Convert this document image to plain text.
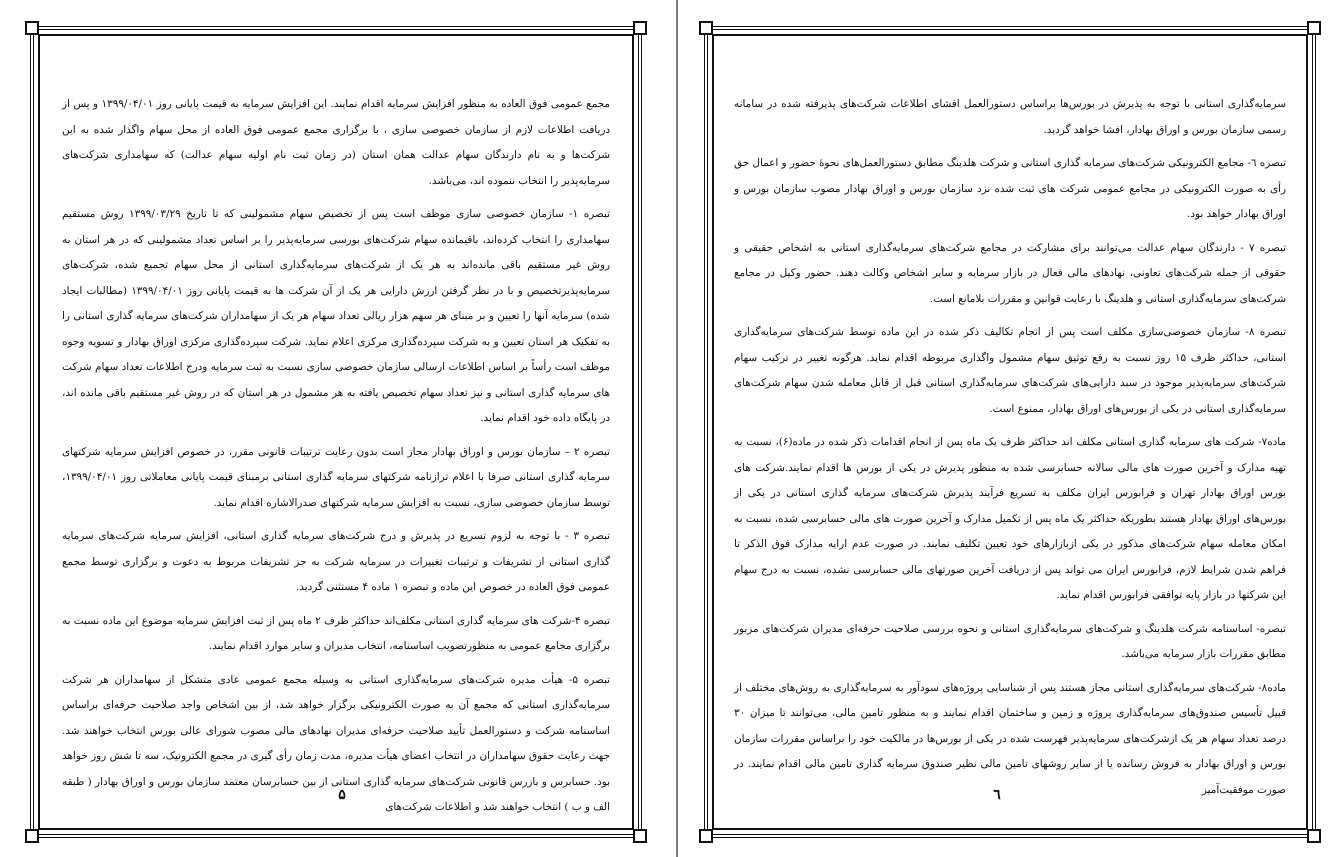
مجمع عمومی فوق العاده به منظور افزایش سرمایه اقدام نمایند. این افزایش سرمایه به قیمت پایانی روز ۱۳۹۹/۰۴/۰۱ و پس از دریافت اطلاعات لازم از سازمان خصوصی سازی ، با برگزاری مجمع عمومی فوق العاده از محل سهام واگذار شده به این شرکت‌ها و به نام دارندگان سهام عدالت همان استان (در زمان ثبت نام اولیه سهام عدالت) که سهامداری شرکت‌های سرمایه‌پذیر را انتخاب ننموده اند، می‌باشد.

تبصره ۱- سازمان خصوصی سازی موظف است پس از تخصیص سهام مشمولینی که تا تاریخ ۱۳۹۹/۰۳/۲۹ روش مستقیم سهامداری را انتخاب کرده‌اند، باقیمانده سهام شرکت‌های بورسی سرمایه‌پذیر را بر اساس تعداد مشمولینی که در هر استان به روش غیر مستقیم باقی مانده‌اند به هر یک از شرکت‌های سرمایه‌گذاری استانی از محل سهام تجمیع شده، شرکت‌های سرمایه‌پذیرتخصیص و با در نظر گرفتن ارزش دارایی هر یک از آن شرکت ها به قیمت پایانی روز ۱۳۹۹/۰۴/۰۱ (مطالبات ایجاد شده) سرمایه آنها را تعیین و بر مبنای هر سهم هزار ریالی تعداد سهام هر یک از سهامداران شرکت‌های سرمایه گذاری استانی را به تفکیک هر استان تعیین و به شرکت سپرده‌گذاری مرکزی اعلام نماید. شرکت سپرده‌گذاری مرکزی اوراق بهادار و تسویه وجوه موظف است رأساً بر اساس اطلاعات ارسالی سازمان خصوصی سازی نسبت به ثبت سرمایه ودرج اطلاعات تعداد سهام شرکت های سرمایه گذاری استانی و نیز تعداد سهام تخصیص یافته به هر مشمول در هر استان که در روش غیر مستقیم باقی مانده اند، در پایگاه داده خود اقدام نماید.

تبصره ۲ – سازمان بورس و اوراق بهادار مجاز است بدون رعایت ترتیبات قانونی مقرر، در خصوص افزایش سرمایه شرکتهای سرمایه گذاری استانی صرفا با اعلام ترازنامه شرکتهای سرمایه گذاری استانی برمبنای قیمت پایانی معاملاتی روز ۱۳۹۹/۰۴/۰۱، توسط سازمان خصوصی سازی، نسبت به افزایش سرمایه شرکتهای صدرالاشاره اقدام نماید.

تبصره ۳ - با توجه به لزوم تسریع در پذیرش و درج شرکت‌های سرمایه گذاری استانی، افزایش سرمایه شرکت‌های سرمایه گذاری استانی از تشریفات و ترتیبات تغییرات در سرمایه شرکت به جز تشریفات مربوط به دعوت و برگزاری توسط مجمع عمومی فوق العاده در خصوص این ماده و تبصره ۱ ماده ۴ مستثنی گردید.

تبصره ۴-شرکت های سرمایه گذاری استانی مکلف‌اند حداکثر ظرف ۲ ماه پس از ثبت افزایش سرمایه موضوع این ماده نسبت به برگزاری مجامع عمومی به منظورتصویب اساسنامه، انتخاب مدیران و سایر موارد اقدام نمایند.

تبصره ۵- هیأت مدیره شرکت‌های سرمایه‌گذاری استانی به وسیله مجمع عمومی عادی متشکل از سهامداران هر شرکت سرمایه‌گذاری استانی که مجمع آن به صورت الکترونیکی برگزار خواهد شد، از بین اشخاص واجد صلاحیت حرفه‌ای براساس اساسنامه شرکت و دستورالعمل تأیید صلاحیت حرفه‌ای مدیران نهادهای مالی مصوب شورای عالی بورس انتخاب خواهند شد. جهت رعایت حقوق سهامداران در انتخاب اعضای هیأت مدیره، مدت زمان رأی گیری در مجمع الکترونیک، سه تا شش روز خواهد بود. حسابرس و بازرس قانونی شرکت‌های سرمایه گذاری استانی از بین حسابرسان معتمد سازمان بورس و اوراق بهادار ( طبقه الف و ب ) انتخاب خواهند شد و اطلاعات شرکت‌های

۵

سرمایه‌گذاری استانی با توجه به پذیرش در بورس‌ها براساس دستورالعمل افشای اطلاعات شرکت‌های پذیرفته شده در سامانه رسمی سازمان بورس و اوراق بهادار، افشا خواهد گردید.

تبصره ٦- مجامع الکترونیکی شرکت‌های سرمایه گذاری استانی و شرکت هلدینگ مطابق دستورالعمل‌های نحوهٔ حضور و اعمال حق رأی به صورت الکترونیکی در مجامع عمومی شرکت های ثبت شده نزد سازمان بورس و اوراق بهادار مصوب سازمان بورس و اوراق بهادار خواهد بود.

تبصره ۷ - دارندگان سهام عدالت می‌توانند برای مشارکت در مجامع شرکت‌های سرمایه‌گذاری استانی به اشخاص حقیقی و حقوقی از جمله شرکت‌های تعاونی، نهادهای مالی فعال در بازار سرمایه و سایر اشخاص وکالت دهند. حضور وکیل در مجامع شرکت‌های سرمایه‌گذاری استانی و هلدینگ با رعایت قوانین و مقررات بلامانع است.

تبصره ۸- سازمان خصوصی‌سازی مکلف است پس از انجام تکالیف ذکر شده در این ماده توسط شرکت‌های سرمایه‌گذاری استانی، حداکثر ظرف ۱۵ روز نسبت به رفع توثیق سهام مشمول واگذاری مربوطه اقدام نماید. هرگونه تغییر در ترکیب سهام شرکت‌های سرمایه‌پذیر موجود در سبد دارایی‌های شرکت‌های سرمایه‌گذاری استانی قبل از قابل معامله شدن سهام شرکت‌های سرمایه‌گذاری استانی در یکی از بورس‌های اوراق بهادار، ممنوع است.

ماده۷- شرکت های سرمایه گذاری استانی مکلف اند حداکثر ظرف یک ماه پس از انجام اقدامات ذکر شده در ماده(۶)، نسبت به تهیه مدارک و آخرین صورت های مالی سالانه حسابرسی شده به منظور پذیرش در یکی از بورس ها اقدام نمایند.شرکت های بورس اوراق بهادار تهران و فرابورس ایران مکلف به تسریع فرآیند پذیرش شرکت‌های سرمایه گذاری استانی در یکی از بورس‌های اوراق بهادار هستند بطوریکه حداکثر یک ماه پس از تکمیل مدارک و آخرین صورت های مالی حسابرسی شده، نسبت به امکان معامله سهام شرکت‌های مذکور در یکی ازبازارهای خود تعیین تکلیف نمایند. در صورت عدم ارایه مدارک فوق الذکر تا فراهم شدن شرایط لازم، فرابورس ایران می تواند پس از دریافت آخرین صورتهای مالی حسابرسی نشده، نسبت به درج سهام این شرکتها در بازار پایه توافقی فرابورس اقدام نماید.

تبصره- اساسنامه شرکت هلدینگ و شرکت‌های سرمایه‌گذاری استانی و نحوه بررسی صلاحیت حرفه‌ای مدیران شرکت‌های مزبور مطابق مقررات بازار سرمایه می‌باشد.

ماده۸- شرکت‌های سرمایه‌گذاری استانی مجاز هستند پس از شناسایی پروژه‌های سودآور به سرمایه‌گذاری به روش‌های مختلف از قبیل تأسیس صندوق‌های سرمایه‌گذاری پروژه و زمین و ساختمان اقدام نمایند و به منظور تامین مالی، می‌توانند تا میزان ۳۰ درصد تعداد سهام هر یک ازشرکت‌های سرمایه‌پذیر فهرست شده در یکی از بورس‌ها در مالکیت خود را براساس مقررات سازمان بورس و اوراق بهادار به فروش رسانده یا از سایر روشهای تامین مالی نظیر صندوق سرمایه گذاری تامین مالی اقدام نمایند. در صورت موفقیت‌آمیز

٦
